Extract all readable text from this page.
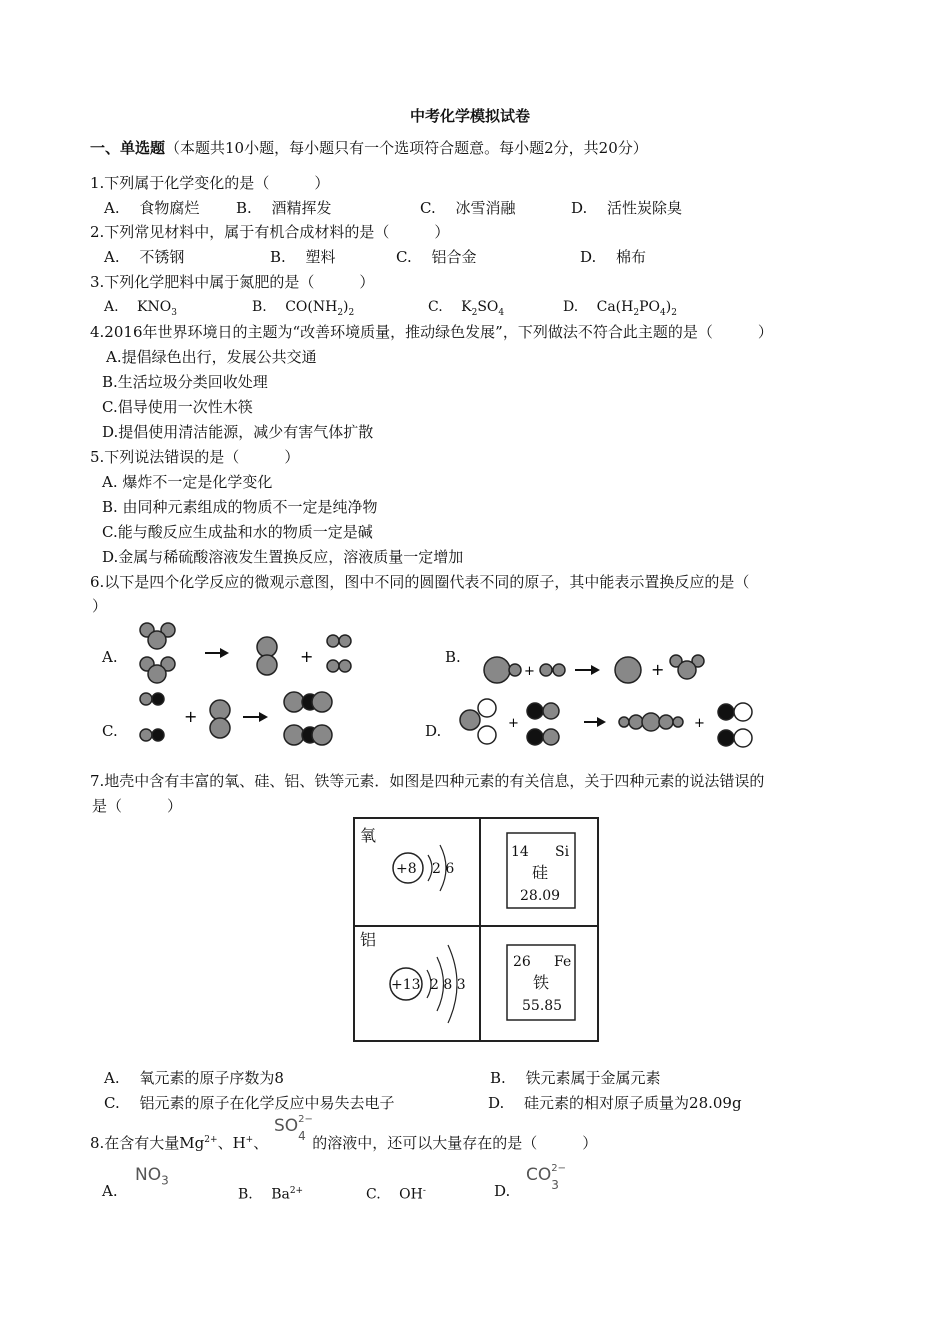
中考化学模拟试卷
一、单选题（本题共10小题，每小题只有一个选项符合题意。每小题2分，共20分）
1.下列属于化学变化的是（　　　）
A.　 食物腐烂 B.　 酒精挥发	C.　 冰雪消融	D.　 活性炭除臭
2.下列常见材料中，属于有机合成材料的是（　　　）
A.　 不锈钢	B.　 塑料	C.　 铝合金	D.　 棉布
3.下列化学肥料中属于氮肥的是（　　　）
A.　 $KNO_3$	B.　 $CO(NH_2)_2$	C.　 $K_2SO_4$	D.　 $Ca(H_2PO_4)_2$
4.2016年世界环境日的主题为“改善环境质量，推动绿色发展”，下列做法不符合此主题的是（　　　）
A.提倡绿色出行，发展公共交通
B.生活垃圾分类回收处理
C.倡导使用一次性木筷
D.提倡使用清洁能源，减少有害气体扩散
5.下列说法错误的是（　　　）
A. 爆炸不一定是化学变化
B. 由同种元素组成的物质不一定是纯净物
C.能与酸反应生成盐和水的物质一定是碱
D.金属与稀硫酸溶液发生置换反应，溶液质量一定增加
6.以下是四个化学反应的微观示意图，图中不同的圆圈代表不同的原子，其中能表示置换反应的是（
）
A.	+	B.
+	+
C.
+
D.	+	+
7.地壳中含有丰富的氧、硅、铝、铁等元素．如图是四种元素的有关信息，关于四种元素的说法错误的
是（　　　）
氧
+8 2 6
14 Si
硅
28.09
铝
+13 2 8 3
26 Fe
铁
55.85
A.　 氧元素的原子序数为8	B.　 铁元素属于金属元素
C.　 铝元素的原子在化学反应中易失去电子	D.　 硅元素的相对原子质量为28.09g
8.在含有大量$Mg^{2+}$、H+、	的溶液中，还可以大量存在的是（　　　）
SO 2−
4
A.
$NO_3$
B.　 $Ba^{2+}$	C.　 OH-	D.
CO 2−
3
